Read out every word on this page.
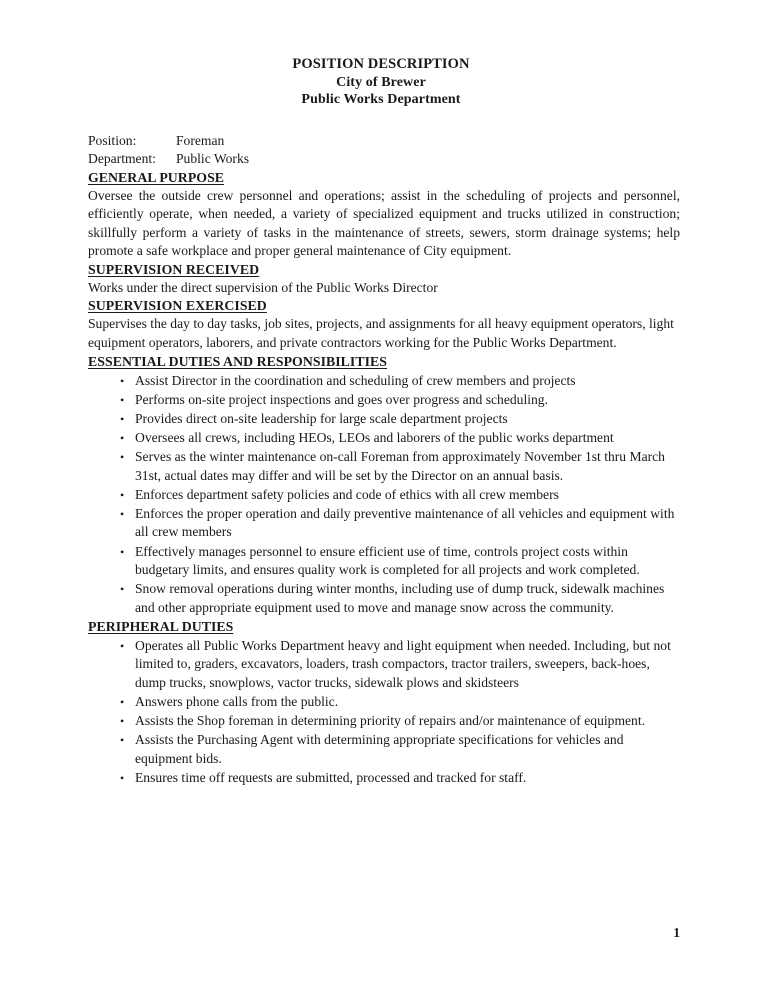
POSITION DESCRIPTION
City of Brewer
Public Works Department
Position:	Foreman
Department:	Public Works
GENERAL PURPOSE

Oversee the outside crew personnel and operations; assist in the scheduling of projects and personnel, efficiently operate, when needed, a variety of specialized equipment and trucks utilized in construction; skillfully perform a variety of tasks in the maintenance of streets, sewers, storm drainage systems; help promote a safe workplace and proper general maintenance of City equipment.

SUPERVISION RECEIVED

Works under the direct supervision of the Public Works Director

SUPERVISION EXERCISED

Supervises the day to day tasks, job sites, projects, and assignments for all heavy equipment operators, light equipment operators, laborers, and private contractors working for the Public Works Department.

ESSENTIAL DUTIES AND RESPONSIBILITIES
• Assist Director in the coordination and scheduling of crew members and projects
• Performs on-site project inspections and goes over progress and scheduling.
• Provides direct on-site leadership for large scale department projects
• Oversees all crews, including HEOs, LEOs and laborers of the public works department
• Serves as the winter maintenance on-call Foreman from approximately November 1st thru March 31st, actual dates may differ and will be set by the Director on an annual basis.
• Enforces department safety policies and code of ethics with all crew members
• Enforces the proper operation and daily preventive maintenance of all vehicles and equipment with all crew members
• Effectively manages personnel to ensure efficient use of time, controls project costs within budgetary limits, and ensures quality work is completed for all projects and work completed.
• Snow removal operations during winter months, including use of dump truck, sidewalk machines and other appropriate equipment used to move and manage snow across the community.
PERIPHERAL DUTIES
• Operates all Public Works Department heavy and light equipment when needed. Including, but not limited to, graders, excavators, loaders, trash compactors, tractor trailers, sweepers, back-hoes, dump trucks, snowplows, vactor trucks, sidewalk plows and skidsteers
• Answers phone calls from the public.
• Assists the Shop foreman in determining priority of repairs and/or maintenance of equipment.
• Assists the Purchasing Agent with determining appropriate specifications for vehicles and equipment bids.
• Ensures time off requests are submitted, processed and tracked for staff.
1
